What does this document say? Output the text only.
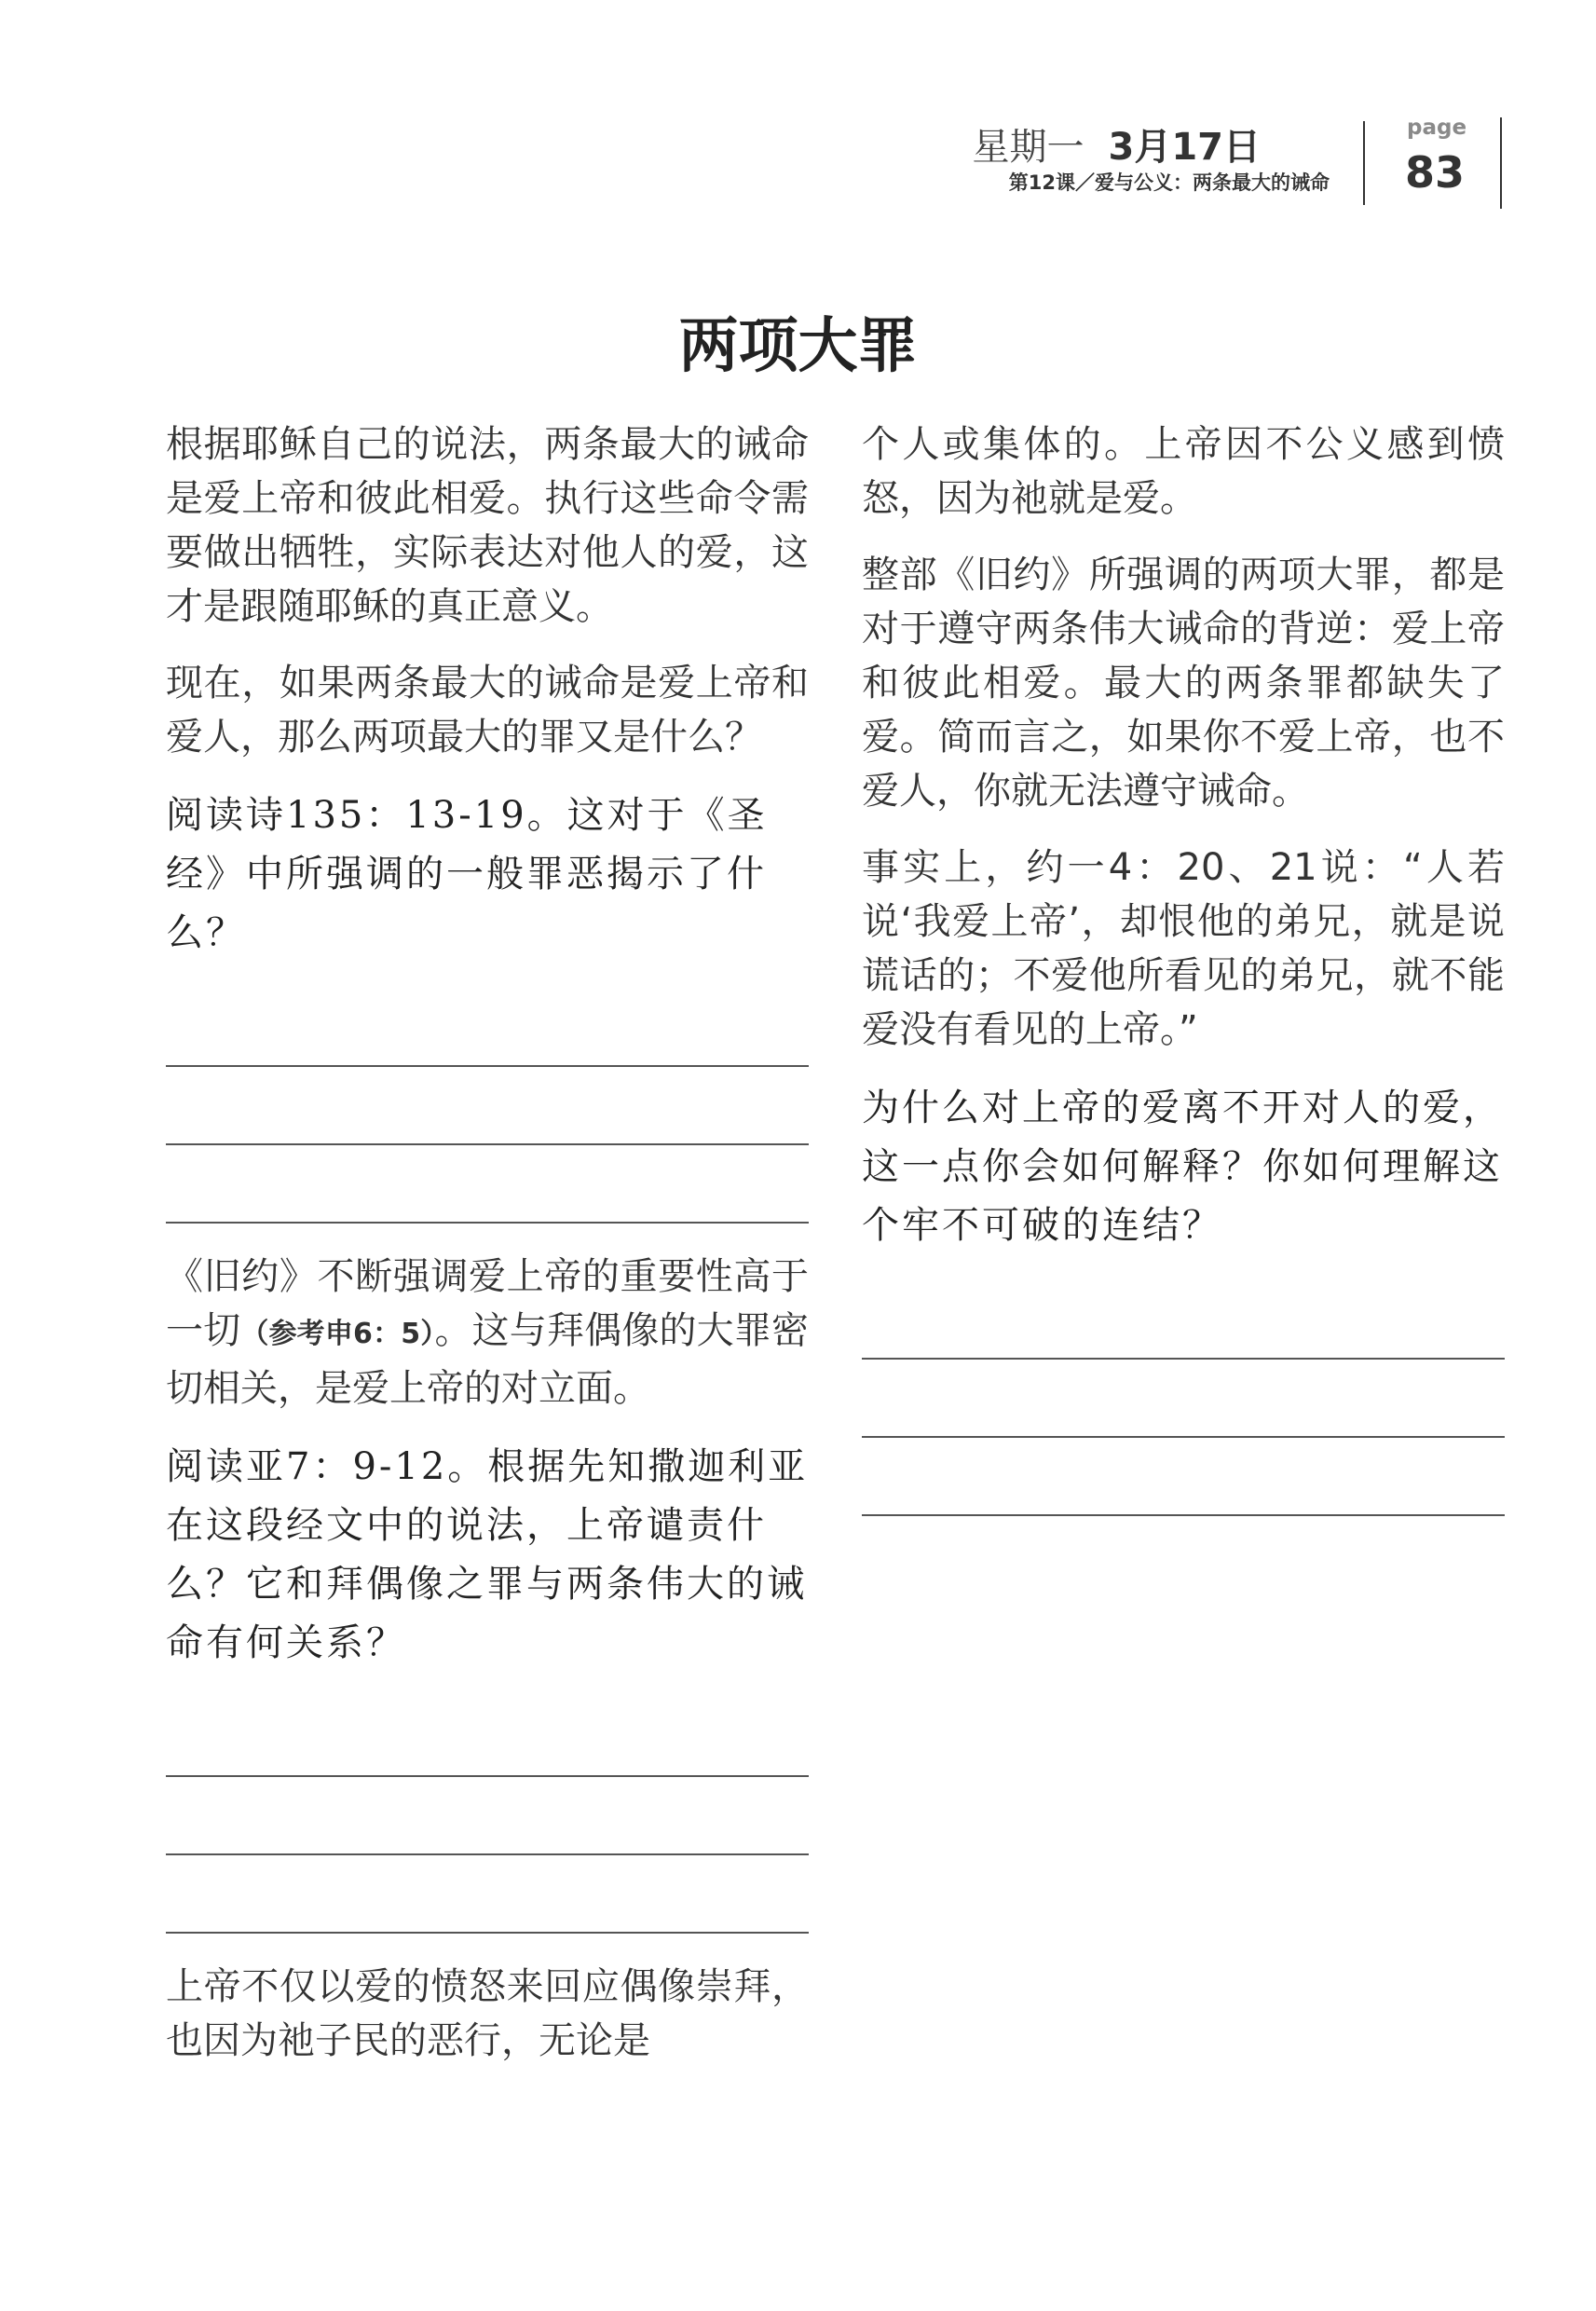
星期一 3月17日
第12课／爱与公义：两条最大的诫命
page
83
两项大罪

根据耶稣自己的说法，两条最大的诫命是爱上帝和彼此相爱。执行这些命令需要做出牺牲，实际表达对他人的爱，这才是跟随耶稣的真正意义。

现在，如果两条最大的诫命是爱上帝和爱人，那么两项最大的罪又是什么？

阅读诗135：13-19。这对于《圣经》中所强调的一般罪恶揭示了什么？

《旧约》不断强调爱上帝的重要性高于一切（参考申6：5）。这与拜偶像的大罪密切相关，是爱上帝的对立面。

阅读亚7：9-12。根据先知撒迦利亚在这段经文中的说法，上帝谴责什么？它和拜偶像之罪与两条伟大的诫命有何关系？

上帝不仅以爱的愤怒来回应偶像崇拜，也因为祂子民的恶行，无论是

个人或集体的。上帝因不公义感到愤怒，因为祂就是爱。

整部《旧约》所强调的两项大罪，都是对于遵守两条伟大诫命的背逆：爱上帝和彼此相爱。最大的两条罪都缺失了爱。简而言之，如果你不爱上帝，也不爱人，你就无法遵守诫命。

事实上，约一4：20、21说：“人若说‘我爱上帝’，却恨他的弟兄，就是说谎话的；不爱他所看见的弟兄，就不能爱没有看见的上帝。”

为什么对上帝的爱离不开对人的爱，这一点你会如何解释？你如何理解这个牢不可破的连结？
